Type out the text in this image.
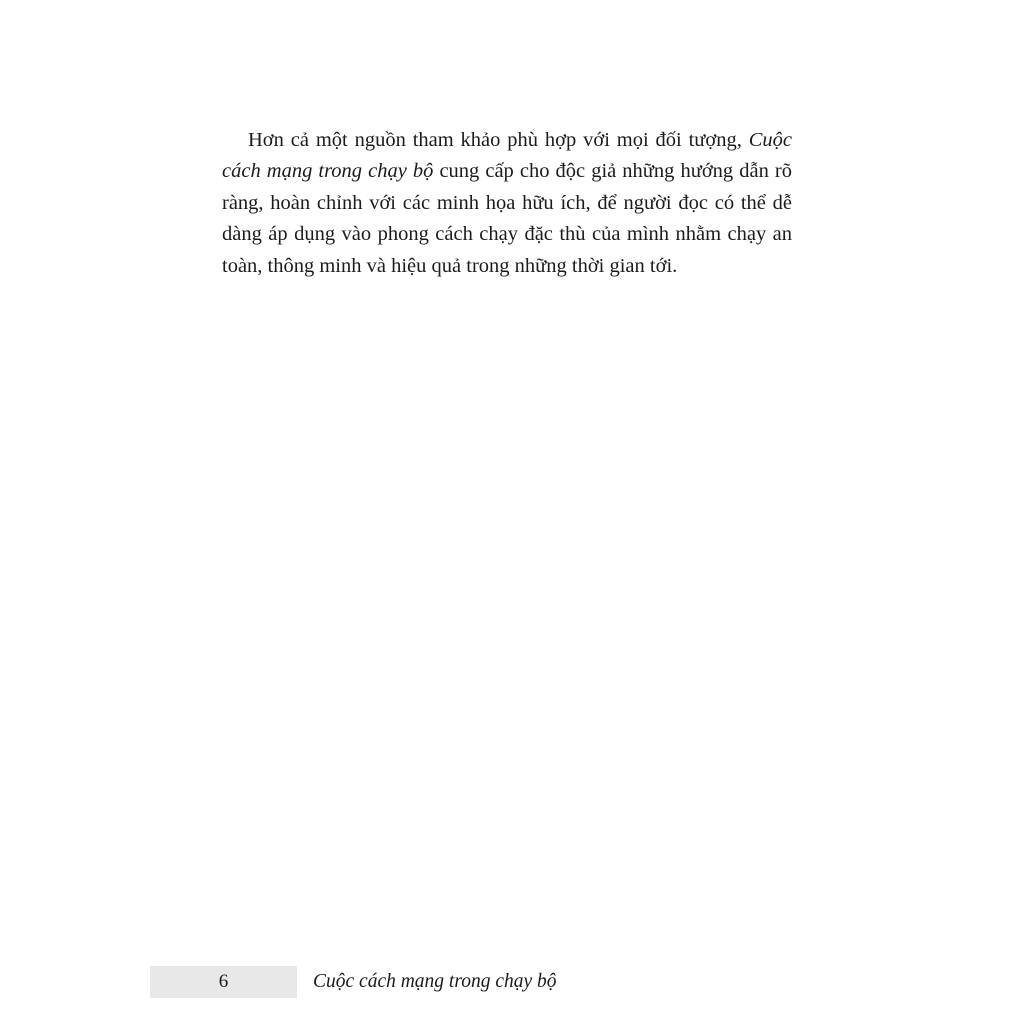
Hơn cả một nguồn tham khảo phù hợp với mọi đối tượng, Cuộc cách mạng trong chạy bộ cung cấp cho độc giả những hướng dẫn rõ ràng, hoàn chỉnh với các minh họa hữu ích, để người đọc có thể dễ dàng áp dụng vào phong cách chạy đặc thù của mình nhằm chạy an toàn, thông minh và hiệu quả trong những thời gian tới.

6	Cuộc cách mạng trong chạy bộ
